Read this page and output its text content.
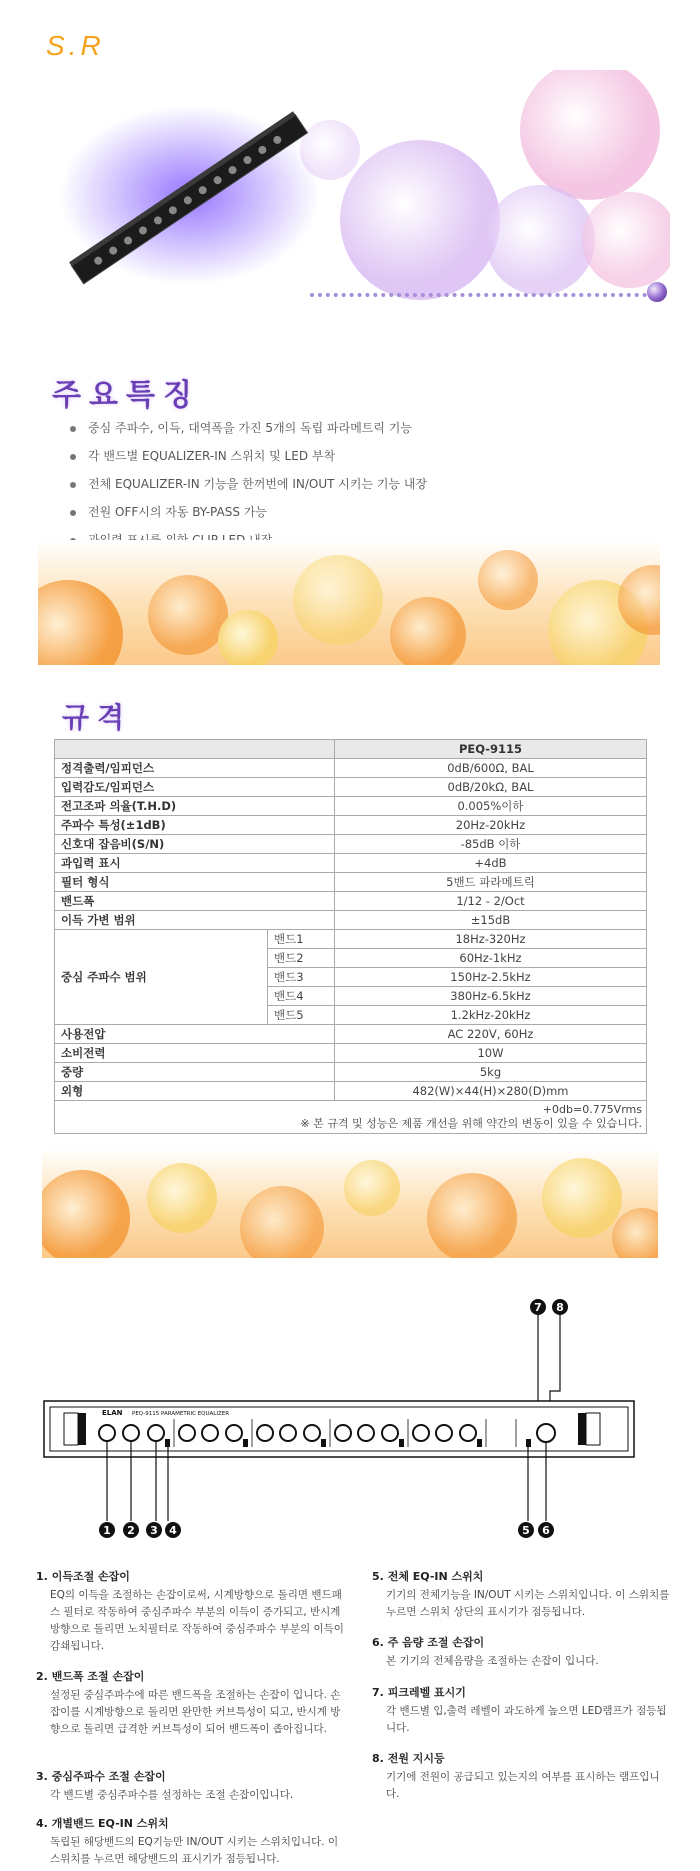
S.R
주요특징
중심 주파수, 이득, 대역폭을 가진 5개의 독립 파라메트릭 기능
각 밴드별 EQUALIZER-IN 스위치 및 LED 부착
전체 EQUALIZER-IN 기능을 한꺼번에 IN/OUT 시키는 기능 내장
전원 OFF시의 자동 BY-PASS 가능
규격
		PEQ-9115
정격출력/임피던스		0dB/600Ω, BAL
입력감도/임피던스		0dB/20kΩ, BAL
전고조파 의율(T.H.D)		0.005%이하
주파수 특성(±1dB)		20Hz-20kHz
신호대 잡음비(S/N)		-85dB 이하
과입력 표시		+4dB
필터 형식		5밴드 파라메트릭
밴드폭		1/12 - 2/Oct
이득 가변 범위		±15dB
중심 주파수 범위	밴드1	18Hz-320Hz
	밴드2	60Hz-1kHz
	밴드3	150Hz-2.5kHz
	밴드4	380Hz-6.5kHz
	밴드5	1.2kHz-20kHz
사용전압		AC 220V, 60Hz
소비전력		10W
중량		5kg
외형		482(W)×44(H)×280(D)mm

+0db=0.775Vrms
※ 본 규격 및 성능은 제품 개선을 위해 약간의 변동이 있을 수 있습니다.		
7 8
ELAN PEQ-9115 PARAMETRIC EQUALIZER
1 2 3 4	5 6
1. 이득조절 손잡이
EQ의 이득을 조절하는 손잡이로써, 시계방향으로 돌리면 밴드패스 필터로 작동하여 중심주파수 부분의 이득이 증가되고, 반시계 방향으로 돌리면 노치필터로 작동하여 중심주파수 부분의 이득이 감쇄됩니다.
2. 밴드폭 조절 손잡이
설정된 중심주파수에 따른 밴드폭을 조절하는 손잡이 입니다. 손잡이를 시계방향으로 돌리면 완만한 커브특성이 되고, 반시계 방향으로 돌리면 급격한 커브특성이 되어 밴드폭이 좁아집니다.
3. 중심주파수 조절 손잡이
각 밴드별 중심주파수를 설정하는 조절 손잡이입니다.
4. 개별밴드 EQ-IN 스위치
독립된 해당밴드의 EQ기능만 IN/OUT 시키는 스위치입니다. 이 스위치를 누르면 해당밴드의 표시기가 점등됩니다.
5. 전체 EQ-IN 스위치
기기의 전체기능을 IN/OUT 시키는 스위치입니다. 이 스위치를 누르면 스위치 상단의 표시기가 점등됩니다.
6. 주 음량 조절 손잡이
본 기기의 전체음량을 조절하는 손잡이 입니다.
7. 피크레벨 표시기
각 밴드별 입,출력 레벨이 과도하게 높으면 LED램프가 점등됩니다.
8. 전원 지시등
기기에 전원이 공급되고 있는지의 여부를 표시하는 램프입니다.
